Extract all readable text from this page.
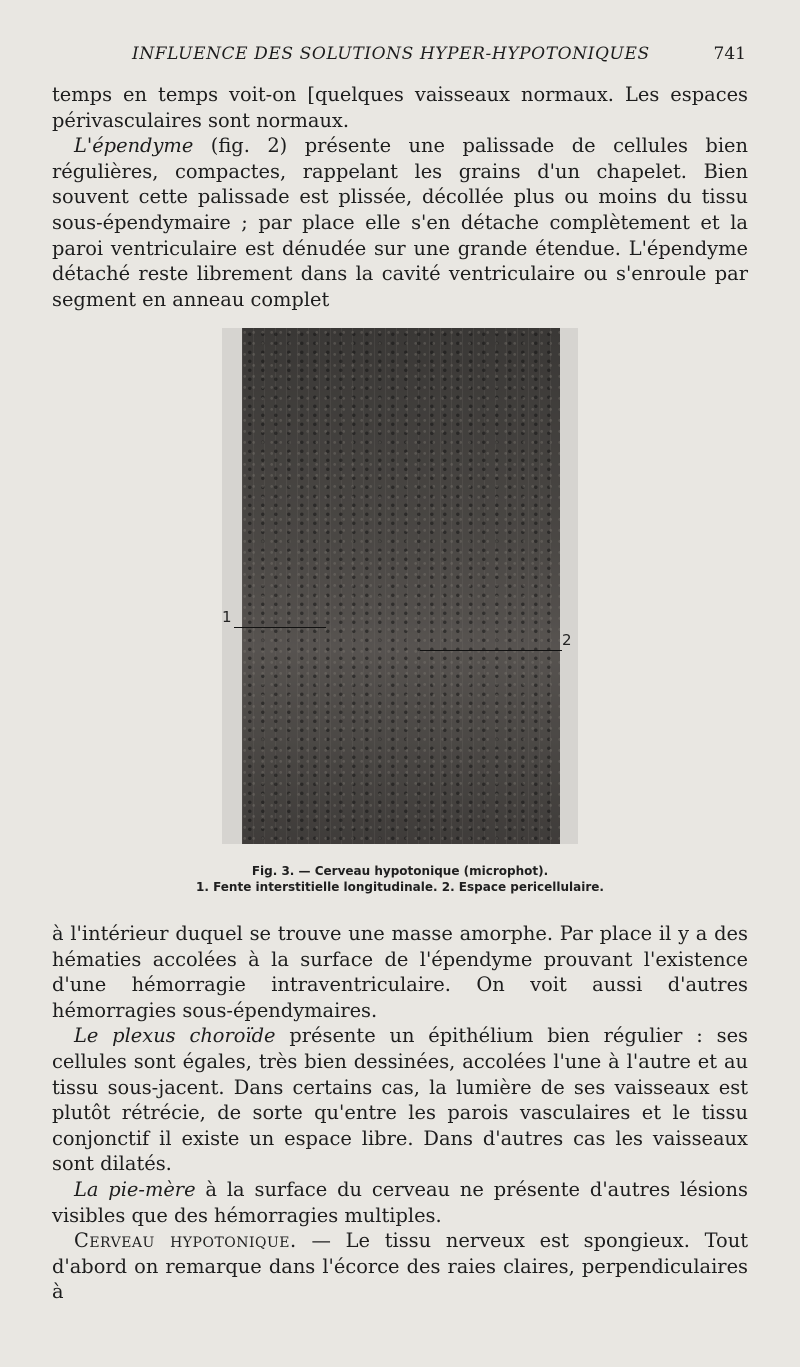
INFLUENCE DES SOLUTIONS HYPER-HYPOTONIQUES	741

temps en temps voit-on [quelques vaisseaux normaux. Les espaces périvasculaires sont normaux.

L'épendyme (fig. 2) présente une palissade de cellules bien régulières, compactes, rappelant les grains d'un chapelet. Bien souvent cette palissade est plissée, décollée plus ou moins du tissu sous-épendymaire ; par place elle s'en détache complètement et la paroi ventriculaire est dénudée sur une grande étendue. L'épendyme détaché reste librement dans la cavité ventriculaire ou s'enroule par segment en anneau complet

1
2
Fig. 3. — Cerveau hypotonique (microphot).
1. Fente interstitielle longitudinale. 2. Espace pericellulaire.

à l'intérieur duquel se trouve une masse amorphe. Par place il y a des hématies accolées à la surface de l'épendyme prouvant l'existence d'une hémorragie intraventriculaire. On voit aussi d'autres hémorragies sous-épendymaires.

Le plexus choroïde présente un épithélium bien régulier : ses cellules sont égales, très bien dessinées, accolées l'une à l'autre et au tissu sous-jacent. Dans certains cas, la lumière de ses vaisseaux est plutôt rétrécie, de sorte qu'entre les parois vasculaires et le tissu conjonctif il existe un espace libre. Dans d'autres cas les vaisseaux sont dilatés.

La pie-mère à la surface du cerveau ne présente d'autres lésions visibles que des hémorragies multiples.

Cerveau hypotonique. — Le tissu nerveux est spongieux. Tout d'abord on remarque dans l'écorce des raies claires, perpendiculaires à
